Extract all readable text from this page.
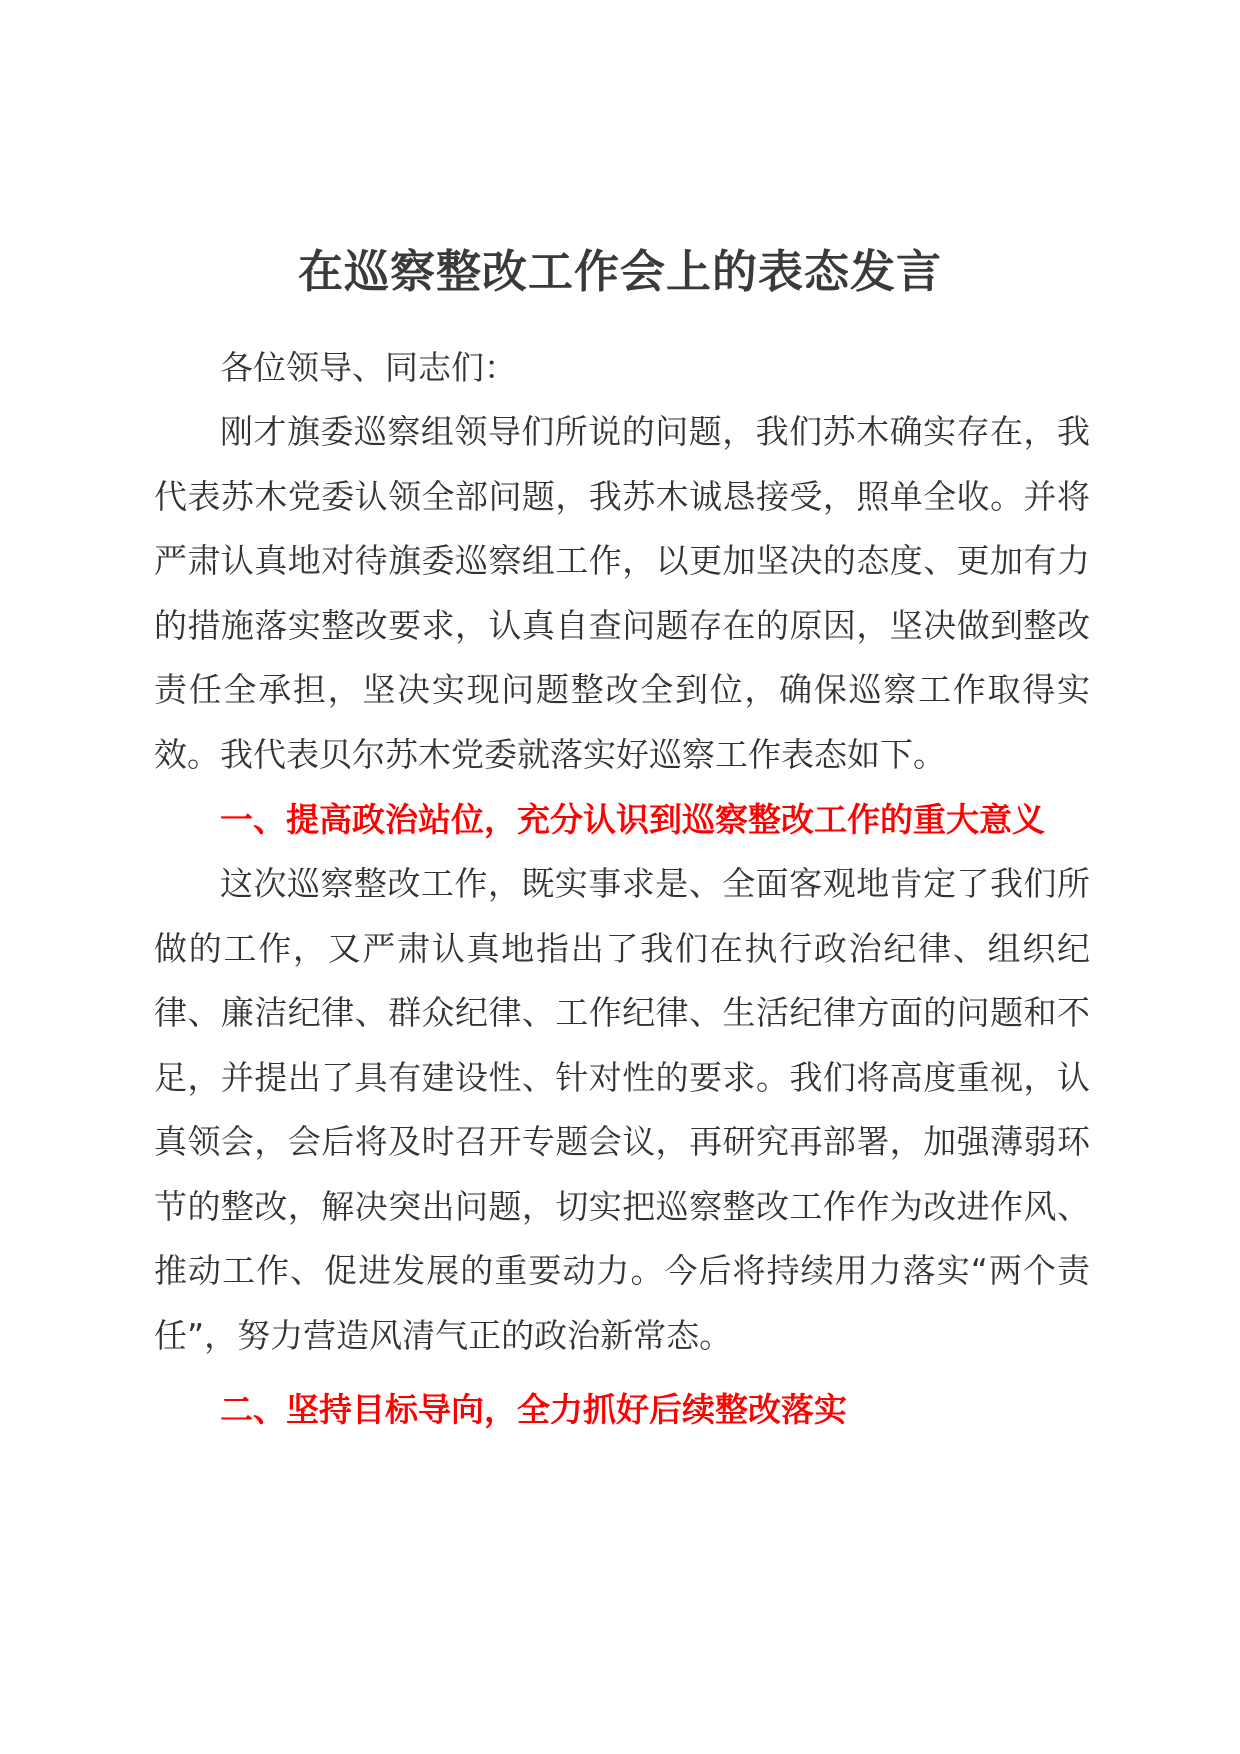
在巡察整改工作会上的表态发言

各位领导、同志们：

刚才旗委巡察组领导们所说的问题，我们苏木确实存在，我代表苏木党委认领全部问题，我苏木诚恳接受，照单全收。并将严肃认真地对待旗委巡察组工作，以更加坚决的态度、更加有力的措施落实整改要求，认真自查问题存在的原因，坚决做到整改责任全承担，坚决实现问题整改全到位，确保巡察工作取得实效。我代表贝尔苏木党委就落实好巡察工作表态如下。

一、提高政治站位，充分认识到巡察整改工作的重大意义

这次巡察整改工作，既实事求是、全面客观地肯定了我们所做的工作，又严肃认真地指出了我们在执行政治纪律、组织纪律、廉洁纪律、群众纪律、工作纪律、生活纪律方面的问题和不足，并提出了具有建设性、针对性的要求。我们将高度重视，认真领会，会后将及时召开专题会议，再研究再部署，加强薄弱环节的整改，解决突出问题，切实把巡察整改工作作为改进作风、推动工作、促进发展的重要动力。今后将持续用力落实“两个责任”，努力营造风清气正的政治新常态。

二、坚持目标导向，全力抓好后续整改落实
